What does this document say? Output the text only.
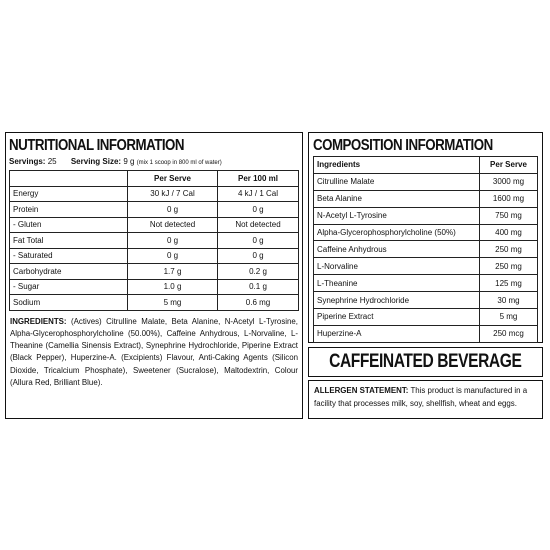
NUTRITIONAL INFORMATION
Servings: 25 Serving Size: 9 g (mix 1 scoop in 800 ml of water)
	Per Serve	Per 100 ml
Energy	30 kJ / 7 Cal	4 kJ / 1 Cal
Protein	0 g	0 g
- Gluten	Not detected	Not detected
Fat Total	0 g	0 g
- Saturated	0 g	0 g
Carbohydrate	1.7 g	0.2 g
- Sugar	1.0 g	0.1 g
Sodium	5 mg	0.6 mg
INGREDIENTS: (Actives) Citrulline Malate, Beta Alanine, N-Acetyl L-Tyrosine, Alpha-Glycerophosphorylcholine (50.00%), Caffeine Anhydrous, L-Norvaline, L-Theanine (Camellia Sinensis Extract), Synephrine Hydrochloride, Piperine Extract (Black Pepper), Huperzine-A. (Excipients) Flavour, Anti-Caking Agents (Silicon Dioxide, Tricalcium Phosphate), Sweetener (Sucralose), Maltodextrin, Colour (Allura Red, Brilliant Blue).
COMPOSITION INFORMATION
Ingredients	Per Serve
Citrulline Malate	3000 mg
Beta Alanine	1600 mg
N-Acetyl L-Tyrosine	750 mg
Alpha-Glycerophosphorylcholine (50%)	400 mg
Caffeine Anhydrous	250 mg
L-Norvaline	250 mg
L-Theanine	125 mg
Synephrine Hydrochloride	30 mg
Piperine Extract	5 mg
Huperzine-A	250 mcg
CAFFEINATED BEVERAGE
ALLERGEN STATEMENT: This product is manufactured in a facility that processes milk, soy, shellfish, wheat and eggs.
